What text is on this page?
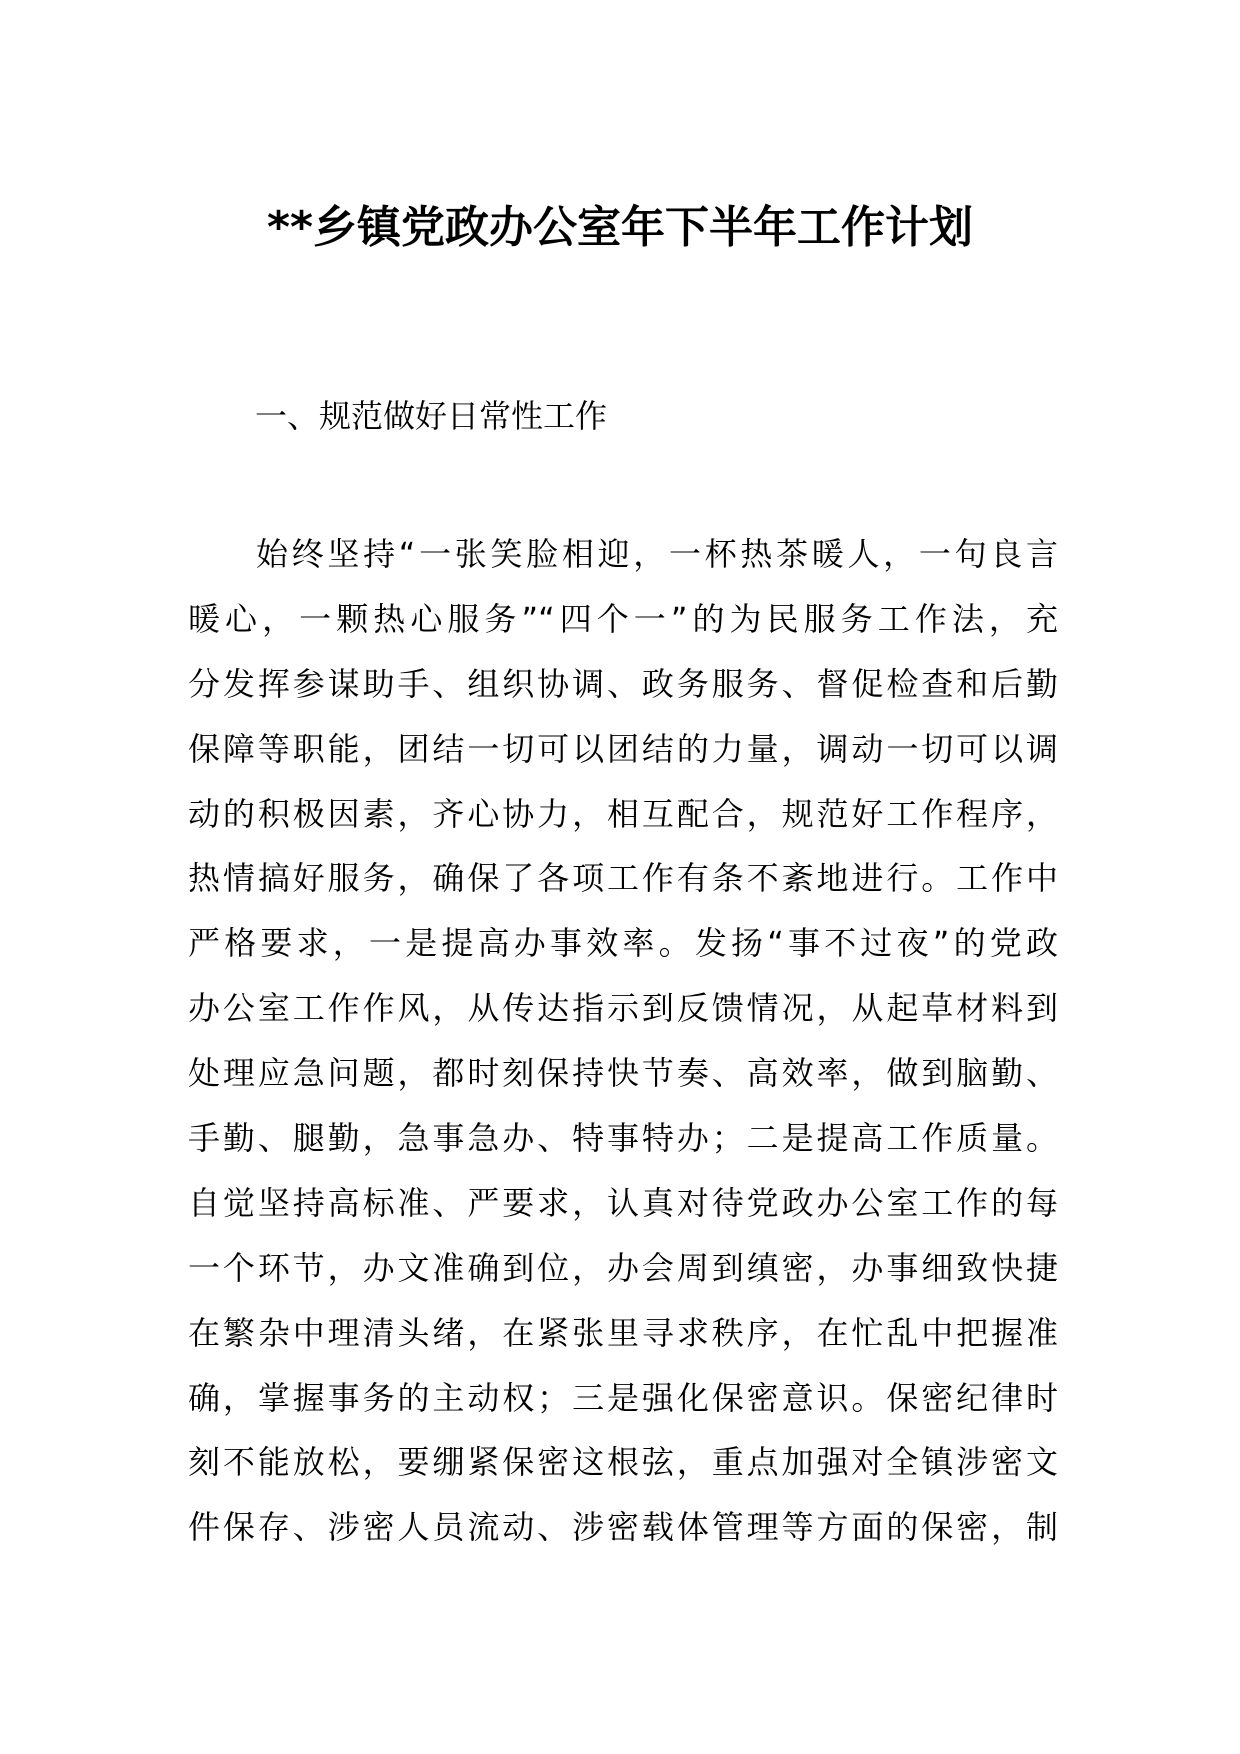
**乡镇党政办公室年下半年工作计划
一、规范做好日常性工作
始终坚持“一张笑脸相迎，一杯热茶暖人，一句良言
暖心，一颗热心服务”“四个一”的为民服务工作法，充
分发挥参谋助手、组织协调、政务服务、督促检查和后勤
保障等职能，团结一切可以团结的力量，调动一切可以调
动的积极因素，齐心协力，相互配合，规范好工作程序，
热情搞好服务，确保了各项工作有条不紊地进行。工作中
严格要求，一是提高办事效率。发扬“事不过夜”的党政
办公室工作作风，从传达指示到反馈情况，从起草材料到
处理应急问题，都时刻保持快节奏、高效率，做到脑勤、
手勤、腿勤，急事急办、特事特办；二是提高工作质量。
自觉坚持高标准、严要求，认真对待党政办公室工作的每
一个环节，办文准确到位，办会周到缜密，办事细致快捷
在繁杂中理清头绪，在紧张里寻求秩序，在忙乱中把握准
确，掌握事务的主动权；三是强化保密意识。保密纪律时
刻不能放松，要绷紧保密这根弦，重点加强对全镇涉密文
件保存、涉密人员流动、涉密载体管理等方面的保密，制
